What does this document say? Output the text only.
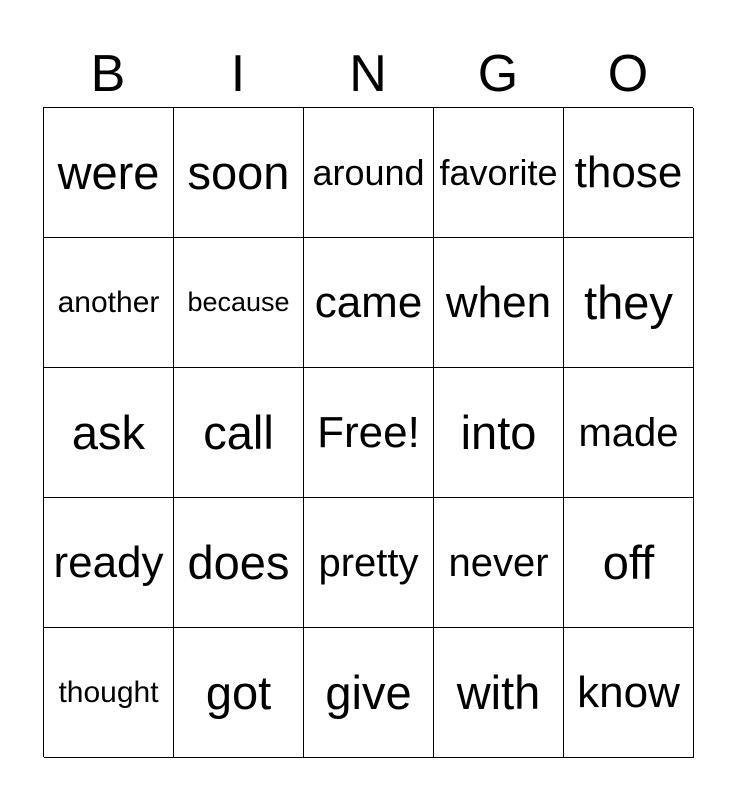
B	I	N	G	O
were soon around favorite those
another	because came when they
ask	call Free! into	made
ready does pretty never	off
thought	got	give with know
